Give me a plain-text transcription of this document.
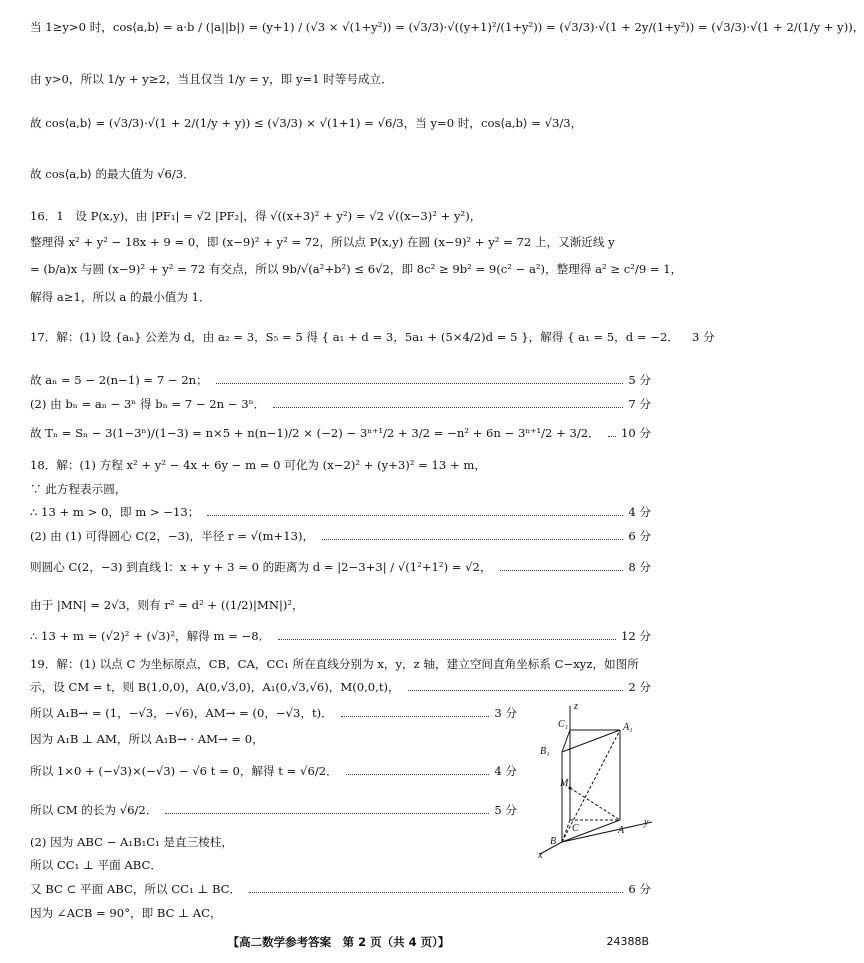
当 1≥y>0 时，cos⟨a,b⟩ = a·b / (|a||b|) = (y+1) / (√3 × √(1+y²)) = (√3/3)·√((y+1)²/(1+y²)) = (√3/3)·√(1 + 2y/(1+y²)) = (√3/3)·√(1 + 2/(1/y + y))，
由 y>0，所以 1/y + y≥2，当且仅当 1/y = y，即 y=1 时等号成立．
故 cos⟨a,b⟩ = (√3/3)·√(1 + 2/(1/y + y)) ≤ (√3/3) × √(1+1) = √6/3，当 y=0 时，cos⟨a,b⟩ = √3/3，
故 cos⟨a,b⟩ 的最大值为 √6/3．
16．1　设 P(x,y)，由 |PF₁| = √2 |PF₂|，得 √((x+3)² + y²) = √2 √((x−3)² + y²)，
整理得 x² + y² − 18x + 9 = 0，即 (x−9)² + y² = 72，所以点 P(x,y) 在圆 (x−9)² + y² = 72 上，又渐近线 y
= (b/a)x 与圆 (x−9)² + y² = 72 有交点，所以 9b/√(a²+b²) ≤ 6√2，即 8c² ≥ 9b² = 9(c² − a²)，整理得 a² ≥ c²/9 = 1，
解得 a≥1，所以 a 的最小值为 1．
17．解：(1) 设 {aₙ} 公差为 d，由 a₂ = 3，S₅ = 5 得 { a₁ + d = 3，5a₁ + (5×4/2)d = 5 }，解得 { a₁ = 5，d = −2． 3 分
故 aₙ = 5 − 2(n−1) = 7 − 2n；	5 分
(2) 由 bₙ = aₙ − 3ⁿ 得 bₙ = 7 − 2n − 3ⁿ．	7 分
故 Tₙ = Sₙ − 3(1−3ⁿ)/(1−3) = n×5 + n(n−1)/2 × (−2) − 3ⁿ⁺¹/2 + 3/2 = −n² + 6n − 3ⁿ⁺¹/2 + 3/2． 10 分
18．解：(1) 方程 x² + y² − 4x + 6y − m = 0 可化为 (x−2)² + (y+3)² = 13 + m，
∵ 此方程表示圆，
∴ 13 + m > 0，即 m > −13；	4 分
(2) 由 (1) 可得圆心 C(2，−3)，半径 r = √(m+13)，	6 分
则圆心 C(2，−3) 到直线 l：x + y + 3 = 0 的距离为 d = |2−3+3| / √(1²+1²) = √2，	8 分
由于 |MN| = 2√3，则有 r² = d² + ((1/2)|MN|)²，
∴ 13 + m = (√2)² + (√3)²，解得 m = −8．	12 分
19．解：(1) 以点 C 为坐标原点，CB，CA，CC₁ 所在直线分别为 x，y，z 轴，建立空间直角坐标系 C−xyz，如图所
示，设 CM = t，则 B(1,0,0)，A(0,√3,0)，A₁(0,√3,√6)，M(0,0,t)，	2 分
所以 A₁B→ = (1，−√3，−√6)，AM→ = (0，−√3，t)．	3 分
因为 A₁B ⊥ AM，所以 A₁B→ · AM→ = 0，
所以 1×0 + (−√3)×(−√3) − √6 t = 0，解得 t = √6/2．	4 分
所以 CM 的长为 √6/2．	5 分
(2) 因为 ABC − A₁B₁C₁ 是直三棱柱，
所以 CC₁ ⊥ 平面 ABC．
又 BC ⊂ 平面 ABC，所以 CC₁ ⊥ BC．	6 分
因为 ∠ACB = 90°，即 BC ⊥ AC，
z
C₁	A₁
B₁
M
C	A
y
B
x
【高二数学参考答案　第 2 页（共 4 页）】	24388B
